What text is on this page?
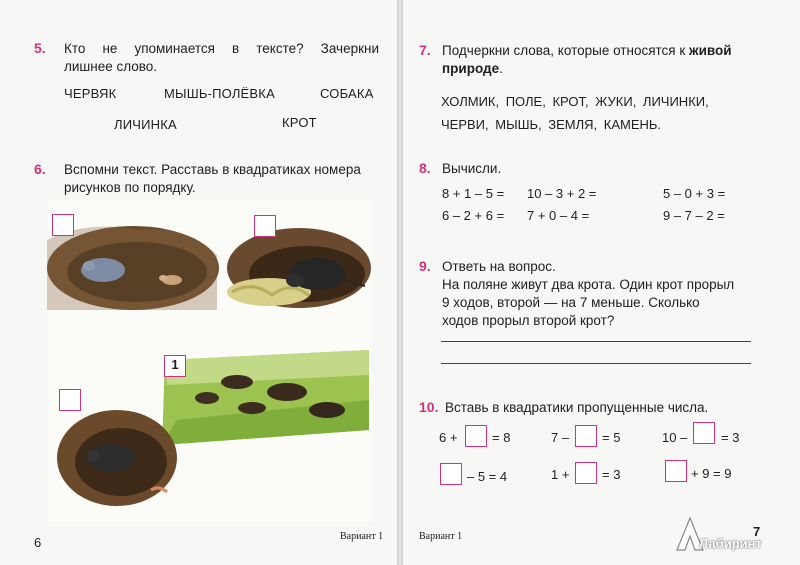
5. Кто не упоминается в тексте? Зачеркни
лишнее слово.
ЧЕРВЯК	МЫШЬ-ПОЛЁВКА	СОБАКА
ЛИЧИНКА	КРОТ
6. Вспомни текст. Расставь в квадратиках номера
рисунков по порядку.
1
6	Вариант 1
7. Подчеркни слова, которые относятся к живой
природе.
ХОЛМИК, ПОЛЕ, КРОТ, ЖУКИ, ЛИЧИНКИ,
ЧЕРВИ, МЫШЬ, ЗЕМЛЯ, КАМЕНЬ.
8. Вычисли.
8 + 1 – 5 = 10 – 3 + 2 =	5 – 0 + 3 =
6 – 2 + 6 = 7 + 0 – 4 =	9 – 7 – 2 =
9. Ответь на вопрос.
На поляне живут два крота. Один крот прорыл
9 ходов, второй — на 7 меньше. Сколько
ходов прорыл второй крот?
10. Вставь в квадратики пропущенные числа.
6 +	= 8	7 –	= 5	10 –	= 3
– 5 = 4	1 +	= 3	+ 9 = 9
Вариант 1	7
Лабиринт
